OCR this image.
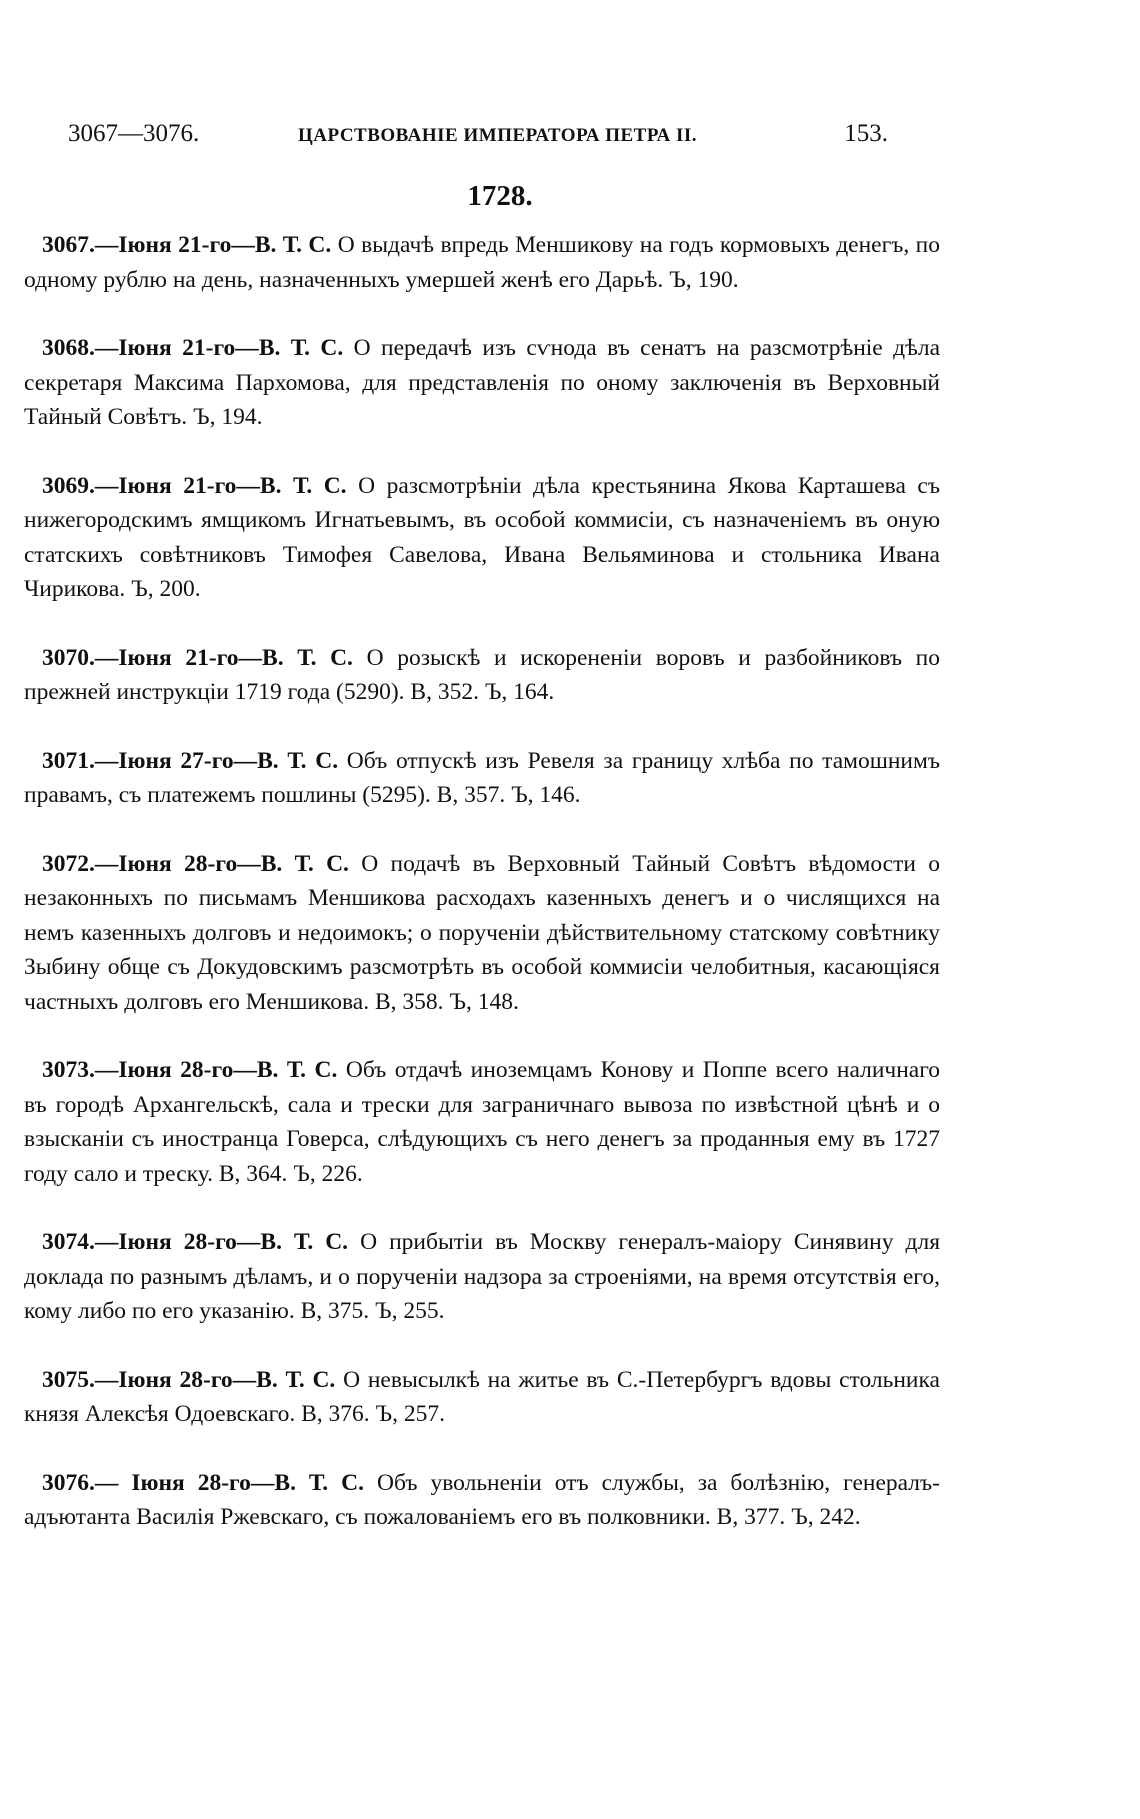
3067—3076.	ЦАРСТВОВАНIЕ ИМПЕРАТОРА ПЕТРА II.	153.
1728.

3067.—Iюня 21-го—В. Т. С. О выдачѣ впредь Меншикову на годъ кормовыхъ денегъ, по одному рублю на день, назначенныхъ умершей женѣ его Дарьѣ. Ъ, 190.

3068.—Iюня 21-го—В. Т. С. О передачѣ изъ сѵнода въ сенатъ на разсмотрѣнiе дѣла секретаря Максима Пархомова, для представленiя по оному заключенiя въ Верховный Тайный Совѣтъ. Ъ, 194.

3069.—Iюня 21-го—В. Т. С. О разсмотрѣнiи дѣла крестьянина Якова Карташева съ нижегородскимъ ямщикомъ Игнатьевымъ, въ особой коммисiи, съ назначенiемъ въ оную статскихъ совѣтниковъ Тимофея Савелова, Ивана Вельяминова и стольника Ивана Чирикова. Ъ, 200.

3070.—Iюня 21-го—В. Т. С. О розыскѣ и искорененiи воровъ и разбойниковъ по прежней инструкцiи 1719 года (5290). В, 352. Ъ, 164.

3071.—Iюня 27-го—В. Т. С. Объ отпускѣ изъ Ревеля за границу хлѣба по тамошнимъ правамъ, съ платежемъ пошлины (5295). В, 357. Ъ, 146.

3072.—Iюня 28-го—В. Т. С. О подачѣ въ Верховный Тайный Совѣтъ вѣдомости о незаконныхъ по письмамъ Меншикова расходахъ казенныхъ денегъ и о числящихся на немъ казенныхъ долговъ и недоимокъ; о порученiи дѣйствительному статскому совѣтнику Зыбину обще съ Докудовскимъ разсмотрѣть въ особой коммисiи челобитныя, касающiяся частныхъ долговъ его Меншикова. В, 358. Ъ, 148.

3073.—Iюня 28-го—В. Т. С. Объ отдачѣ иноземцамъ Конову и Поппе всего наличнаго въ городѣ Архангельскѣ, сала и трески для заграничнаго вывоза по извѣстной цѣнѣ и о взысканiи съ иностранца Говерса, слѣдующихъ съ него денегъ за проданныя ему въ 1727 году сало и треску. В, 364. Ъ, 226.

3074.—Iюня 28-го—В. Т. С. О прибытiи въ Москву генералъ-маiору Синявину для доклада по разнымъ дѣламъ, и о порученiи надзора за строенiями, на время отсутствiя его, кому либо по его указанiю. В, 375. Ъ, 255.

3075.—Iюня 28-го—В. Т. С. О невысылкѣ на житье въ С.-Петербургъ вдовы стольника князя Алексѣя Одоевскаго. В, 376. Ъ, 257.

3076.— Iюня 28-го—В. Т. С. Объ увольненiи отъ службы, за болѣзнiю, генералъ-адъютанта Василiя Ржевскаго, съ пожалованiемъ его въ полковники. В, 377. Ъ, 242.
